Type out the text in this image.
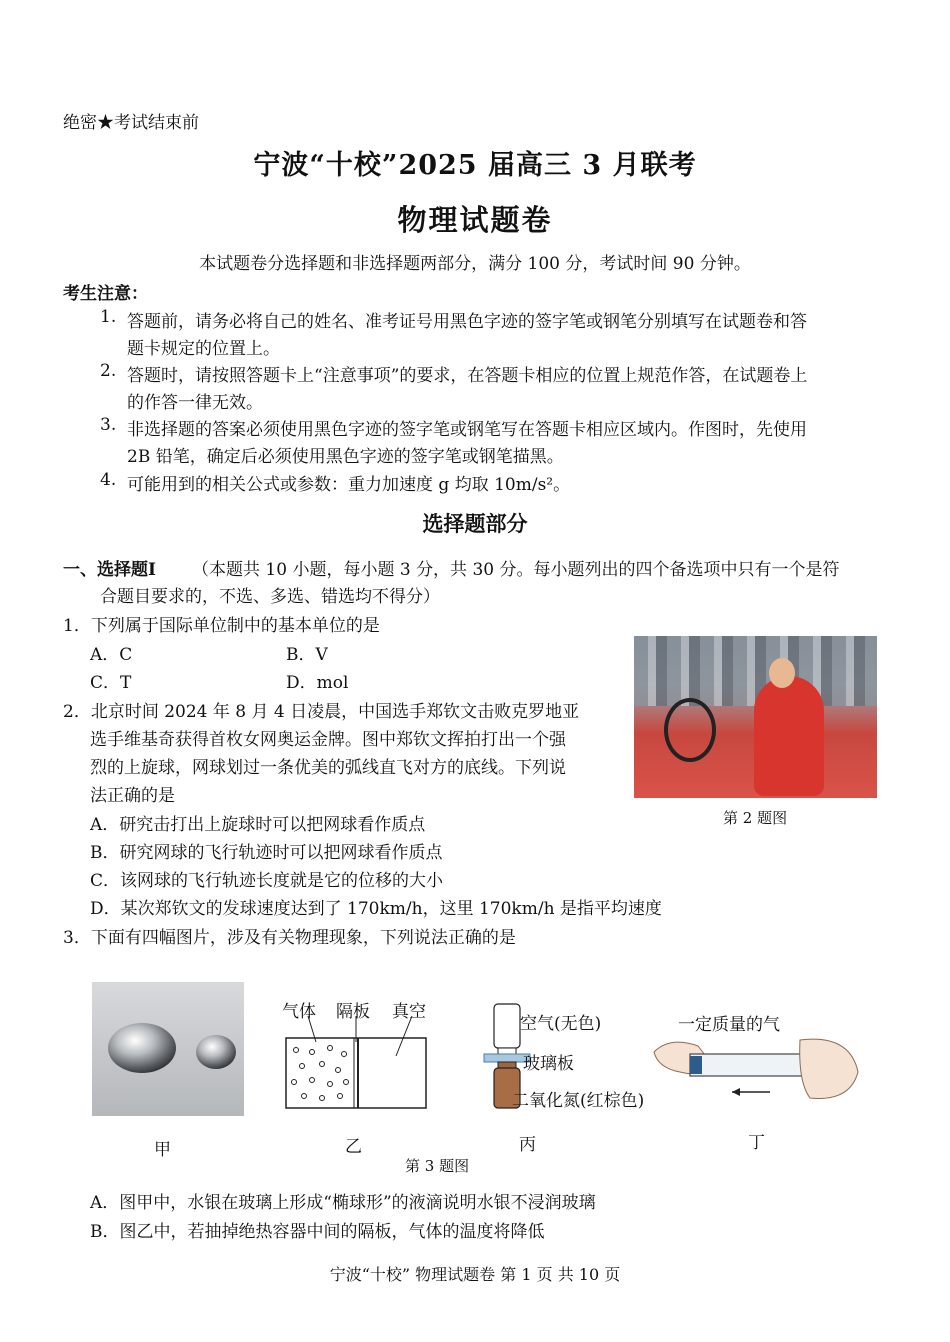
绝密★考试结束前
宁波“十校”2025 届高三 3 月联考
物理试题卷
本试题卷分选择题和非选择题两部分，满分 100 分，考试时间 90 分钟。
考生注意：
1. 答题前，请务必将自己的姓名、准考证号用黑色字迹的签字笔或钢笔分别填写在试题卷和答
题卡规定的位置上。
2. 答题时，请按照答题卡上“注意事项”的要求，在答题卡相应的位置上规范作答，在试题卷上
的作答一律无效。
3. 非选择题的答案必须使用黑色字迹的签字笔或钢笔写在答题卡相应区域内。作图时，先使用
2B 铅笔，确定后必须使用黑色字迹的签字笔或钢笔描黑。
4. 可能用到的相关公式或参数：重力加速度 g 均取 10m/s²。
选择题部分
一、选择题Ⅰ （本题共 10 小题，每小题 3 分，共 30 分。每小题列出的四个备选项中只有一个是符
合题目要求的，不选、多选、错选均不得分）
1．下列属于国际单位制中的基本单位的是
A．C	B．V
C．T	D．mol
第 2 题图
2．北京时间 2024 年 8 月 4 日凌晨，中国选手郑钦文击败克罗地亚
选手维基奇获得首枚女网奥运金牌。图中郑钦文挥拍打出一个强
烈的上旋球，网球划过一条优美的弧线直飞对方的底线。下列说
法正确的是
A．研究击打出上旋球时可以把网球看作质点
B．研究网球的飞行轨迹时可以把网球看作质点
C．该网球的飞行轨迹长度就是它的位移的大小
D．某次郑钦文的发球速度达到了 170km/h，这里 170km/h 是指平均速度
3．下面有四幅图片，涉及有关物理现象，下列说法正确的是
气体 隔板 真空
空气(无色)
玻璃板
二氧化氮(红棕色)
一定质量的气
甲	乙	丙	丁
第 3 题图
A．图甲中，水银在玻璃上形成“椭球形”的液滴说明水银不浸润玻璃
B．图乙中，若抽掉绝热容器中间的隔板，气体的温度将降低
宁波“十校” 物理试题卷 第 1 页 共 10 页
